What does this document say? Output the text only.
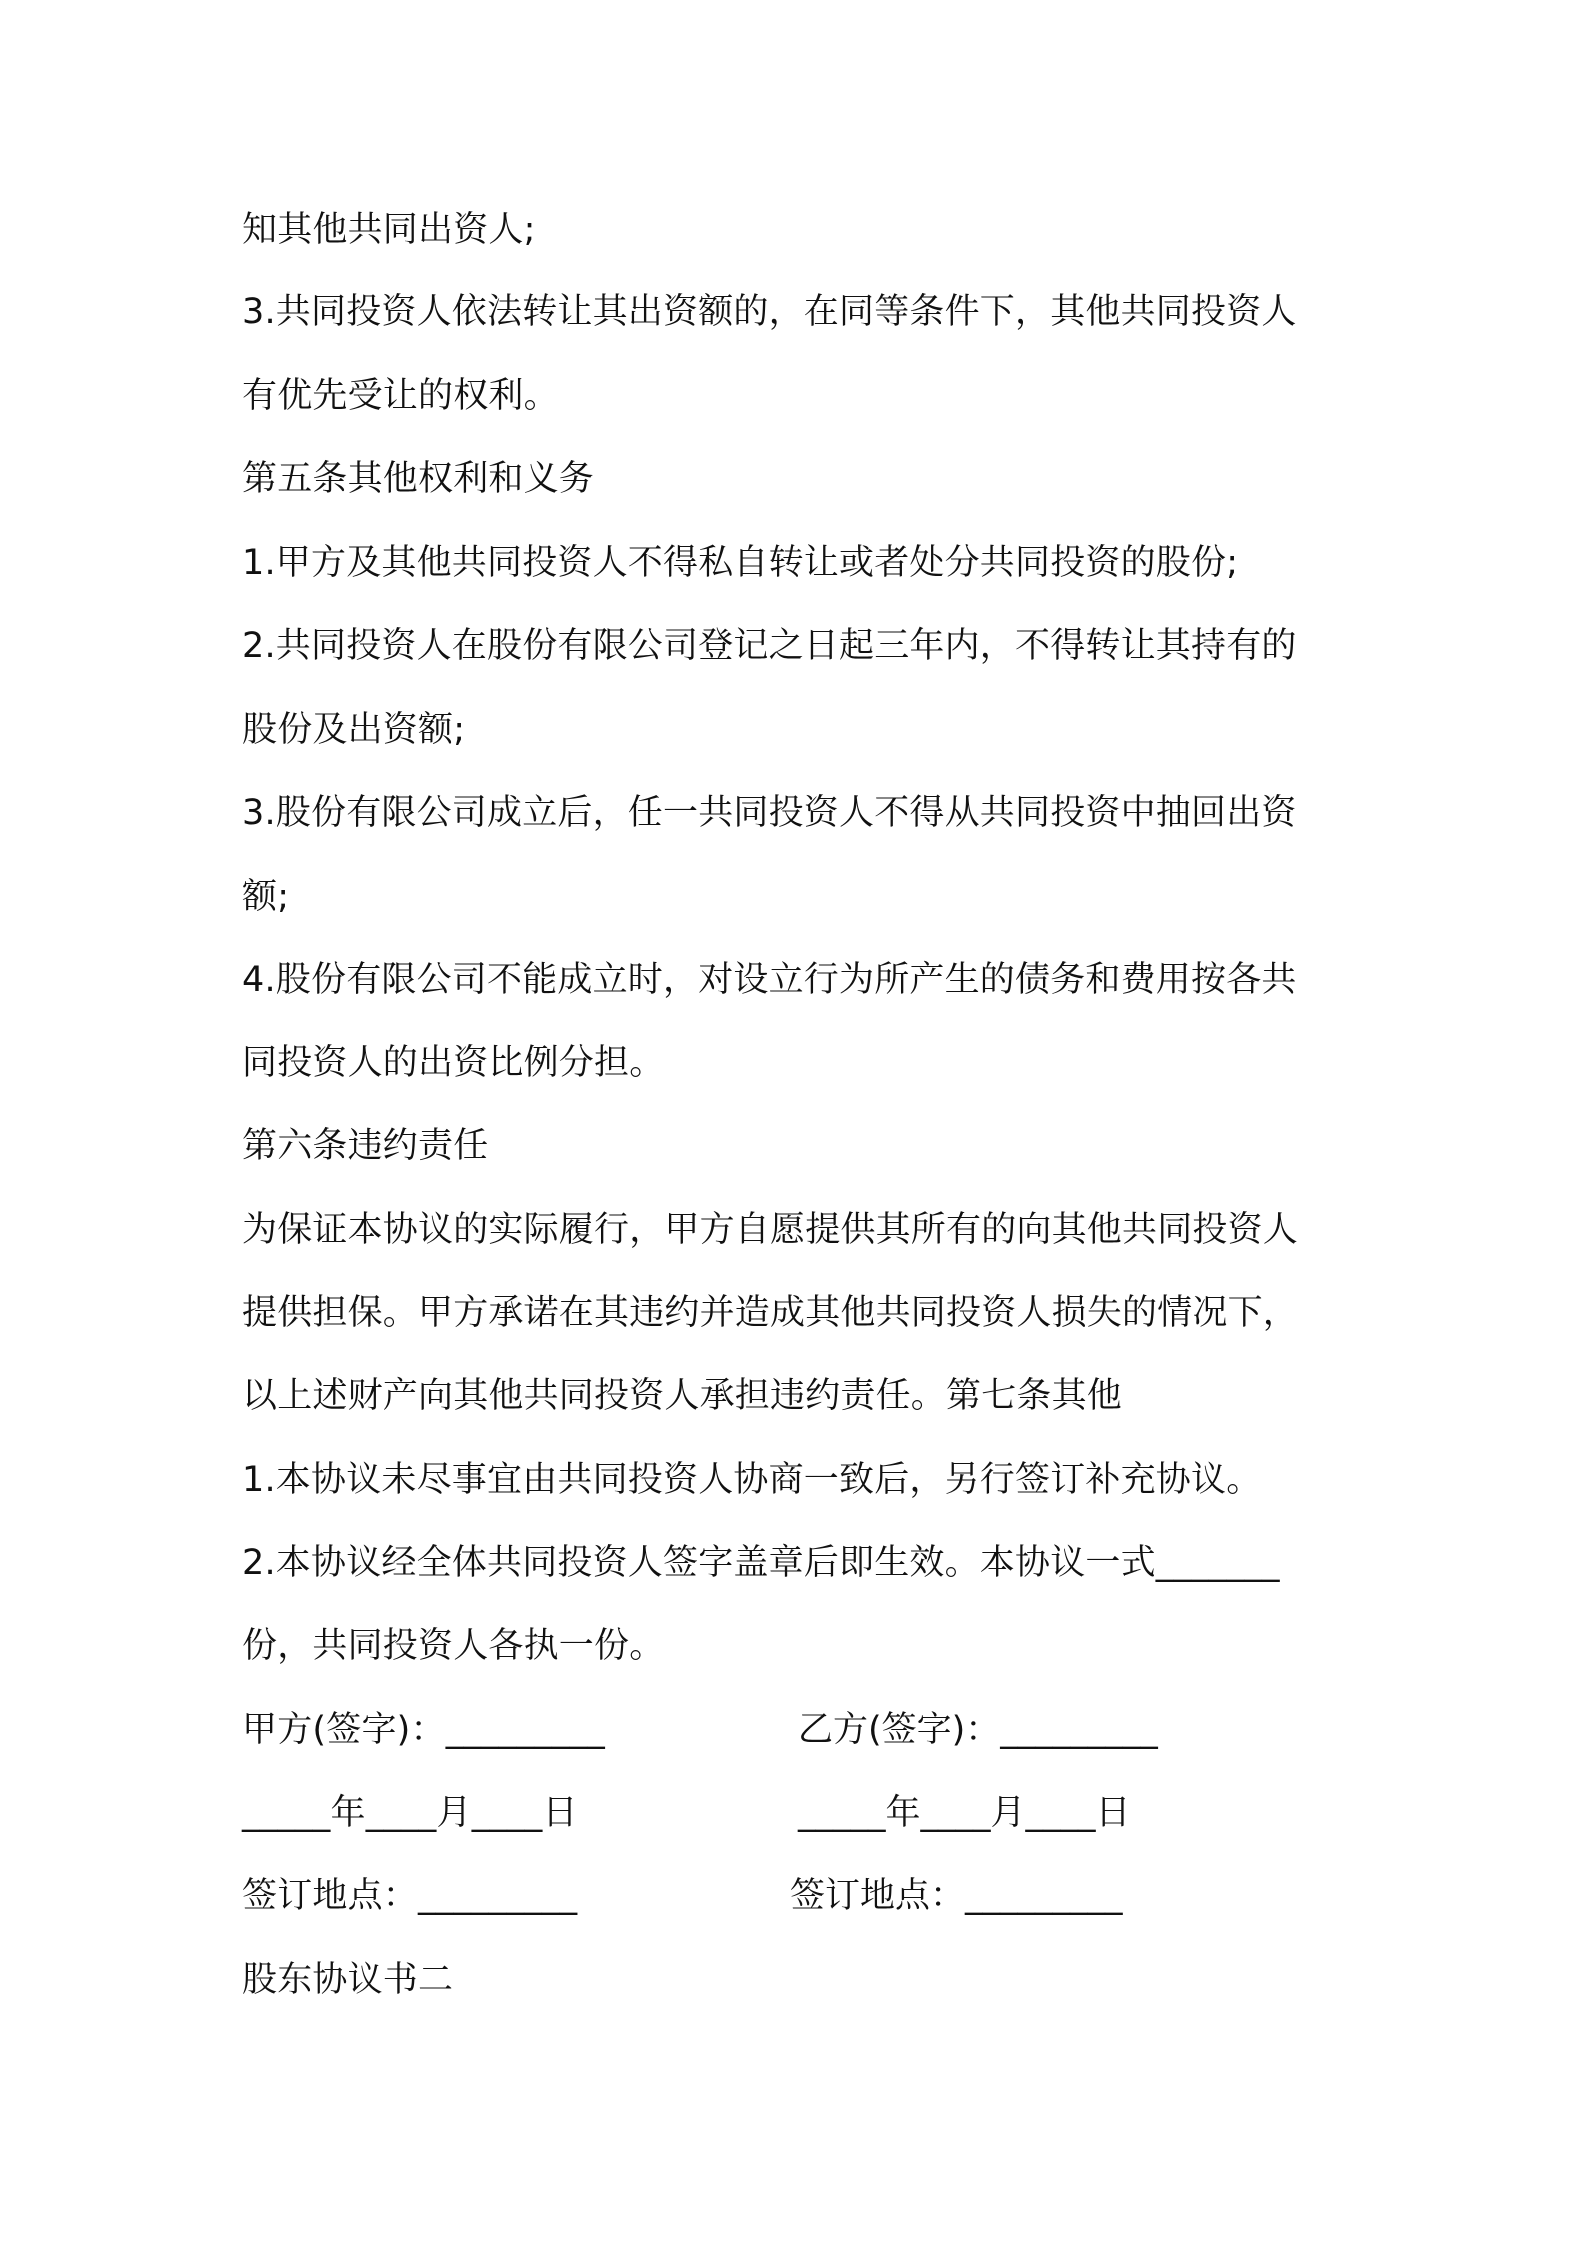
知其他共同出资人;
3.共同投资人依法转让其出资额的，在同等条件下，其他共同投资人
有优先受让的权利。
第五条其他权利和义务
1.甲方及其他共同投资人不得私自转让或者处分共同投资的股份;
2.共同投资人在股份有限公司登记之日起三年内，不得转让其持有的
股份及出资额;
3.股份有限公司成立后，任一共同投资人不得从共同投资中抽回出资
额;
4.股份有限公司不能成立时，对设立行为所产生的债务和费用按各共
同投资人的出资比例分担。
第六条违约责任
为保证本协议的实际履行，甲方自愿提供其所有的向其他共同投资人
提供担保。甲方承诺在其违约并造成其他共同投资人损失的情况下，
以上述财产向其他共同投资人承担违约责任。第七条其他
1.本协议未尽事宜由共同投资人协商一致后，另行签订补充协议。
2.本协议经全体共同投资人签字盖章后即生效。本协议一式_______
份，共同投资人各执一份。
甲方(签字)：_________	乙方(签字)：_________
_____年____月____日	_____年____月____日
签订地点：_________	签订地点：_________
股东协议书二
